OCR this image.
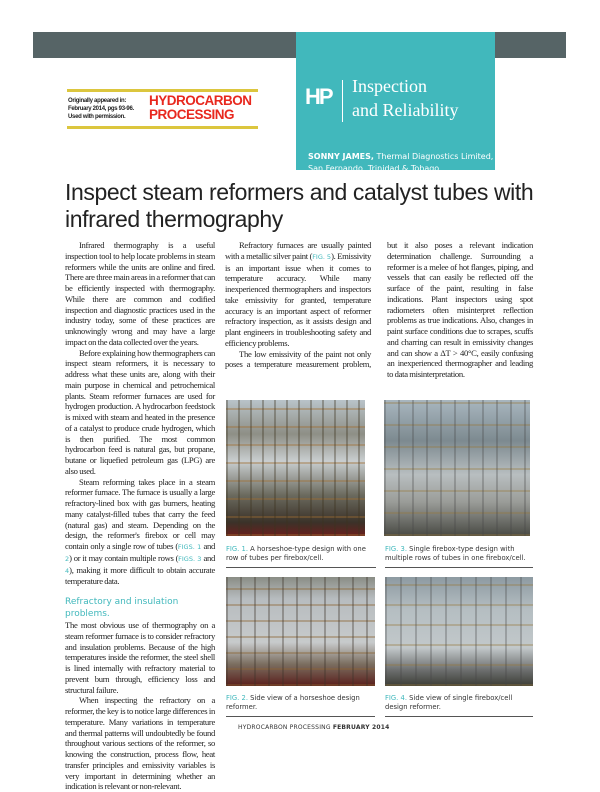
HP Inspection
and Reliability
SONNY JAMES, Thermal Diagnostics Limited,
San Fernando, Trinidad & Tobago
Originally appeared in:
February 2014, pgs 93-96.
Used with permission.
HYDROCARBON
PROCESSING
Inspect steam reformers and catalyst tubes with infrared thermography

Infrared thermography is a useful inspection tool to help locate problems in steam reformers while the units are online and fired. There are three main areas in a reformer that can be efficiently inspected with thermography. While there are common and codified inspection and diagnostic practices used in the industry today, some of these practices are unknowingly wrong and may have a large impact on the data collected over the years.

Before explaining how thermographers can inspect steam reformers, it is necessary to address what these units are, along with their main purpose in chemical and petrochemical plants. Steam reformer furnaces are used for hydrogen production. A hydrocarbon feedstock is mixed with steam and heated in the presence of a catalyst to produce crude hydrogen, which is then purified. The most common hydrocarbon feed is natural gas, but propane, butane or liquefied petroleum gas (LPG) are also used.

Steam reforming takes place in a steam reformer furnace. The furnace is usually a large refractory-lined box with gas burners, heating many catalyst-filled tubes that carry the feed (natural gas) and steam. Depending on the design, the reformer's firebox or cell may contain only a single row of tubes (FIGS. 1 and 2) or it may contain multiple rows (FIGS. 3 and 4), making it more difficult to obtain accurate temperature data.

Refractory and insulation problems.

The most obvious use of thermography on a steam reformer furnace is to consider refractory and insulation problems. Because of the high temperatures inside the reformer, the steel shell is lined internally with refractory material to prevent burn through, efficiency loss and structural failure.

When inspecting the refractory on a reformer, the key is to notice large differences in temperature. Many variations in temperature and thermal patterns will undoubtedly be found throughout various sections of the reformer, so knowing the construction, process flow, heat transfer principles and emissivity variables is very important in determining whether an indication is relevant or non-relevant.

Refractory furnaces are usually painted with a metallic silver paint (FIG. 5). Emissivity is an important issue when it comes to temperature accuracy. While many inexperienced thermographers and inspectors take emissivity for granted, temperature accuracy is an important aspect of reformer refractory inspection, as it assists design and plant engineers in troubleshooting safety and efficiency problems.

The low emissivity of the paint not only poses a temperature measurement problem, but it also poses a relevant indication determination challenge. Surrounding a reformer is a melee of hot flanges, piping, and vessels that can easily be reflected off the surface of the paint, resulting in false indications. Plant inspectors using spot radiometers often misinterpret reflection problems as true indications. Also, changes in paint surface conditions due to scrapes, scuffs and charring can result in emissivity changes and can show a ΔT > 40°C, easily confusing an inexperienced thermographer and leading to data misinterpretation.

FIG. 1. A horseshoe-type design with one row of tubes per firebox/cell.
FIG. 3. Single firebox-type design with multiple rows of tubes in one firebox/cell.
FIG. 2. Side view of a horseshoe design reformer.
FIG. 4. Side view of single firebox/cell design reformer.
HYDROCARBON PROCESSING FEBRUARY 2014
